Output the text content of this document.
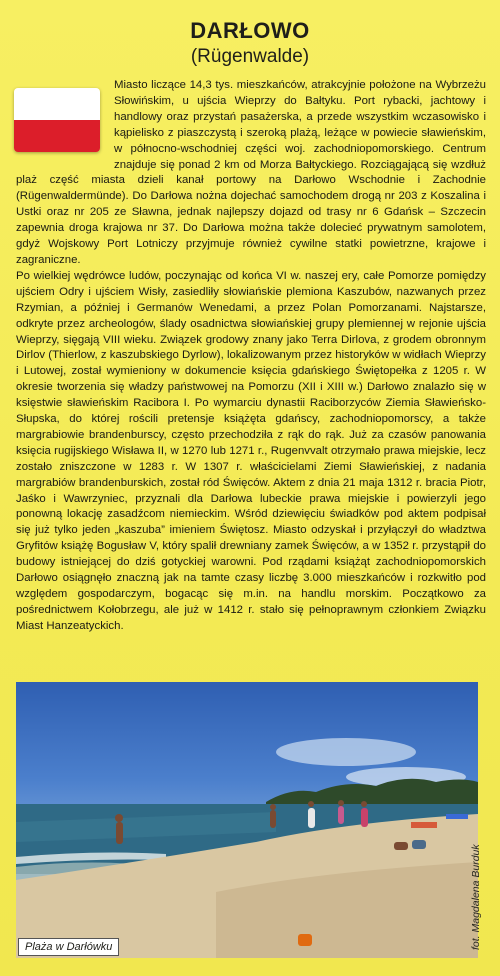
DARŁOWO
(Rügenwalde)

Miasto liczące 14,3 tys. mieszkańców, atrakcyjnie położone na Wybrzeżu Słowińskim, u ujścia Wieprzy do Bałtyku. Port rybacki, jachtowy i handlowy oraz przystań pasażerska, a przede wszystkim wczasowisko i kąpielisko z piaszczystą i szeroką plażą, leżące w powiecie sławieńskim, w północno-wschodniej części woj. zachodniopomorskiego. Centrum znajduje się ponad 2 km od Morza Bałtyckiego. Rozciągającą się wzdłuż plaż część miasta dzieli kanał portowy na Darłowo Wschodnie i Zachodnie (Rügenwaldermünde). Do Darłowa nożna dojechać samochodem drogą nr 203 z Koszalina i Ustki oraz nr 205 ze Sławna, jednak najlepszy dojazd od trasy nr 6 Gdańsk – Szczecin zapewnia droga krajowa nr 37. Do Darłowa można także dolecieć prywatnym samolotem, gdyż Wojskowy Port Lotniczy przyjmuje również cywilne statki powietrzne, krajowe i zagraniczne.

Po wielkiej wędrówce ludów, poczynając od końca VI w. naszej ery, całe Pomorze pomiędzy ujściem Odry i ujściem Wisły, zasiedliły słowiańskie plemiona Kaszubów, nazwanych przez Rzymian, a później i Germanów Wenedami, a przez Polan Pomorzanami. Najstarsze, odkryte przez archeologów, ślady osadnictwa słowiańskiej grupy plemiennej w rejonie ujścia Wieprzy, sięgają VIII wieku. Związek grodowy znany jako Terra Dirlova, z grodem obronnym Dirlov (Thierlow, z kaszubskiego Dyrlow), lokalizowanym przez historyków w widłach Wieprzy i Lutowej, został wymieniony w dokumencie księcia gdańskiego Świętopełka z 1205 r. W okresie tworzenia się władzy państwowej na Pomorzu (XII i XIII w.) Darłowo znalazło się w księstwie sławieńskim Racibora I. Po wymarciu dynastii Raciborzyców Ziemia Sławieńsko-Słupska, do której rościli pretensje książęta gdańscy, zachodniopomorscy, a także margrabiowie brandenburscy, często przechodziła z rąk do rąk. Już za czasów panowania księcia rugijskiego Wisława II, w 1270 lub 1271 r., Rugenvvalt otrzymało prawa miejskie, lecz zostało zniszczone w 1283 r. W 1307 r. właścicielami Ziemi Sławieńskiej, z nadania margrabiów brandenburskich, został ród Święców. Aktem z dnia 21 maja 1312 r. bracia Piotr, Jaśko i Wawrzyniec, przyznali dla Darłowa lubeckie prawa miejskie i powierzyli jego ponowną lokację zasadźcom niemieckim. Wśród dziewięciu świadków pod aktem podpisał się już tylko jeden „kaszuba” imieniem Świętosz. Miasto odzyskał i przyłączył do władztwa Gryfitów książę Bogusław V, który spalił drewniany zamek Święców, a w 1352 r. przystąpił do budowy istniejącej do dziś gotyckiej warowni. Pod rządami książąt zachodniopomorskich Darłowo osiągnęło znaczną jak na tamte czasy liczbę 3.000 mieszkańców i rozkwitło pod względem gospodarczym, bogacąc się m.in. na handlu morskim. Początkowo za pośrednictwem Kołobrzegu, ale już w 1412 r. stało się pełnoprawnym członkiem Związku Miast Hanzeatyckich.

Plaża w Darłówku	fot. Magdalena Burduk
